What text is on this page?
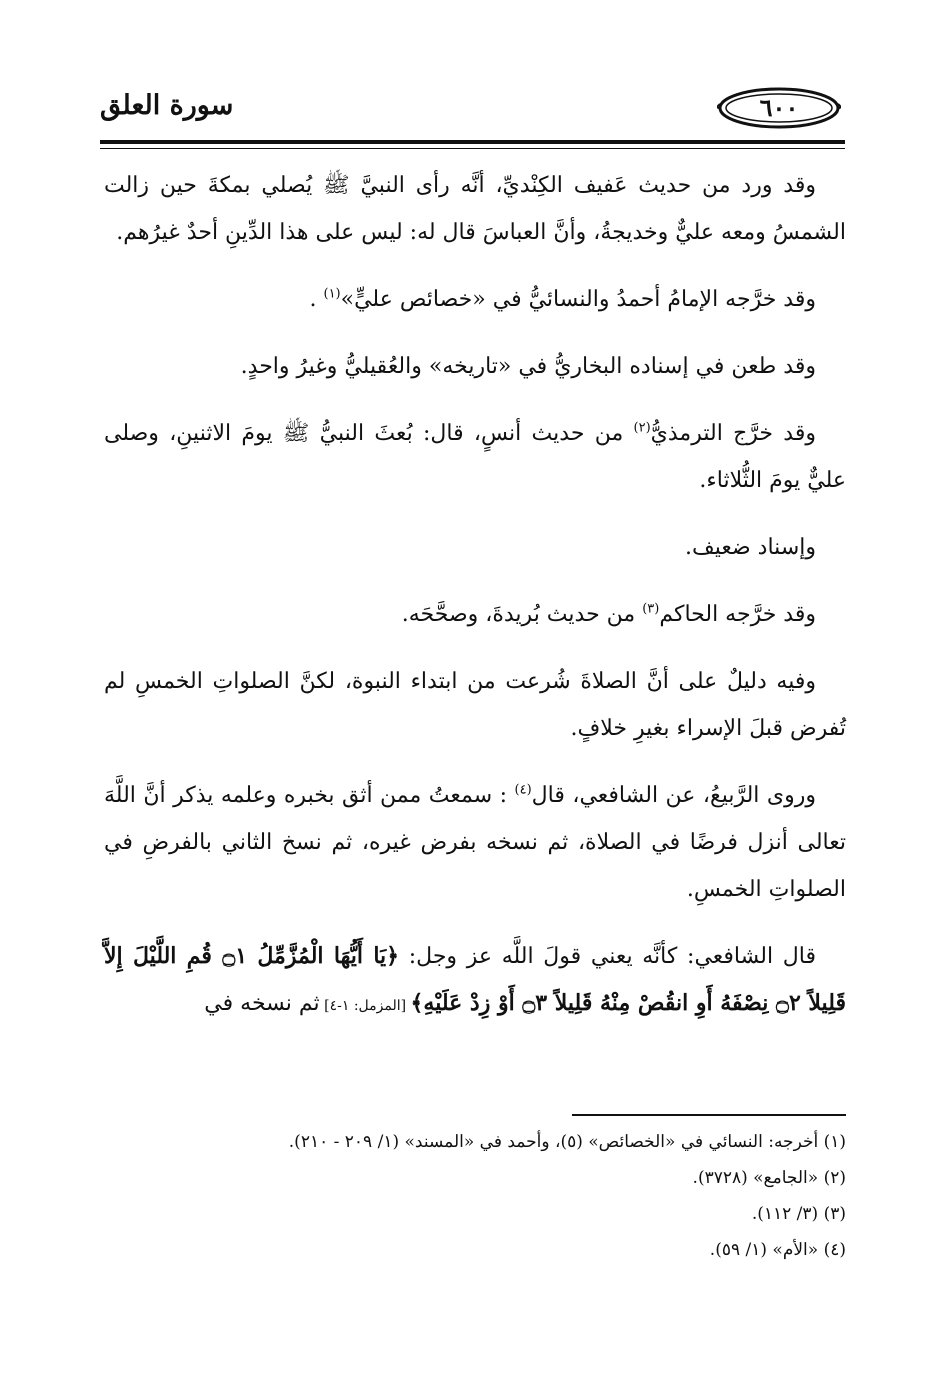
سورة العلق	٦٠٠

وقد ورد من حديث عَفيف الكِنْديِّ، أنَّه رأى النبيَّ ﷺ يُصلي بمكةَ حين زالت الشمسُ ومعه عليٌّ وخديجةُ، وأنَّ العباسَ قال له: ليس على هذا الدِّينِ أحدٌ غيرُهم.

وقد خرَّجه الإمامُ أحمدُ والنسائيُّ في «خصائص عليٍّ»$^{(١)}$ .

وقد طعن في إسناده البخاريُّ في «تاريخه» والعُقيليُّ وغيرُ واحدٍ.

وقد خرَّج الترمذيُّ$^{(٢)}$ من حديث أنسٍ، قال: بُعثَ النبيُّ ﷺ يومَ الاثنينِ، وصلى عليٌّ يومَ الثُّلاثاء.

وإسناد ضعيف.

وقد خرَّجه الحاكم$^{(٣)}$ من حديث بُريدةَ، وصحَّحَه.

وفيه دليلٌ على أنَّ الصلاةَ شُرعت من ابتداء النبوة، لكنَّ الصلواتِ الخمسِ لم تُفرض قبلَ الإسراء بغيرِ خلافٍ.

وروى الرَّبيعُ، عن الشافعي، قال$^{(٤)}$ : سمعتُ ممن أثق بخبره وعلمه يذكر أنَّ اللَّهَ تعالى أنزل فرضًا في الصلاة، ثم نسخه بفرض غيره، ثم نسخ الثاني بالفرضِ في الصلواتِ الخمسِ.

قال الشافعي: كأنَّه يعني قولَ اللَّه عز وجل: ﴿يَا أَيُّهَا الْمُزَّمِّلُ ۝١ قُمِ اللَّيْلَ إِلاَّ قَلِيلاً ۝٢ نِصْفَهُ أَوِ انقُصْ مِنْهُ قَلِيلاً ۝٣ أَوْ زِدْ عَلَيْهِ﴾ [المزمل: ١-٤] ثم نسخه في

(١) أخرجه: النسائي في «الخصائص» (٥)، وأحمد في «المسند» (١/ ٢٠٩ - ٢١٠).
(٢) «الجامع» (٣٧٢٨).
(٣) (٣/ ١١٢).
(٤) «الأم» (١/ ٥٩).
